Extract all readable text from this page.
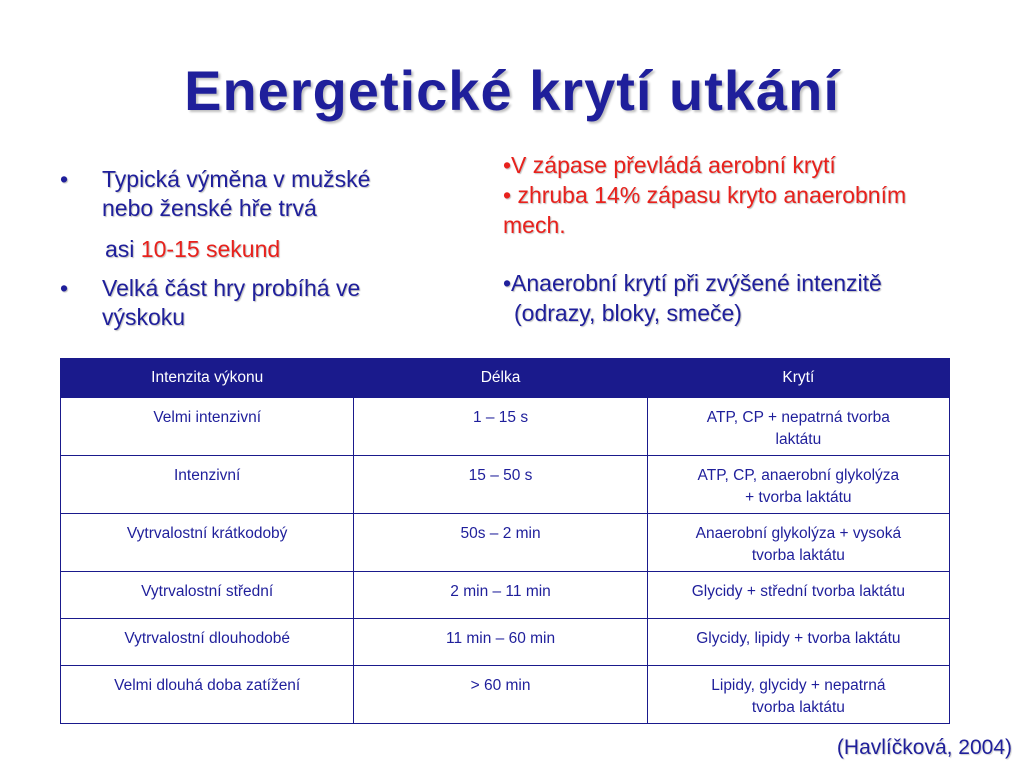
Energetické krytí utkání
• Typická výměna v mužské
nebo ženské hře trvá
asi 10-15 sekund
• Velká část hry probíhá ve
výskoku
•V zápase převládá aerobní krytí
• zhruba 14% zápasu kryto anaerobním
mech.
•Anaerobní krytí při zvýšené intenzitě
(odrazy, bloky, smeče)
Intenzita výkonu	Délka	Krytí
Velmi intenzivní	1 – 15 s	ATP, CP + nepatrná tvorba
laktátu
Intenzivní	15 – 50 s	ATP, CP, anaerobní glykolýza
+ tvorba laktátu
Vytrvalostní krátkodobý	50s – 2 min	Anaerobní glykolýza + vysoká
tvorba laktátu
Vytrvalostní střední	2 min – 11 min	Glycidy + střední tvorba laktátu
Vytrvalostní dlouhodobé	11 min – 60 min	Glycidy, lipidy + tvorba laktátu
Velmi dlouhá doba zatížení	> 60 min	Lipidy, glycidy + nepatrná
tvorba laktátu
(Havlíčková, 2004)
